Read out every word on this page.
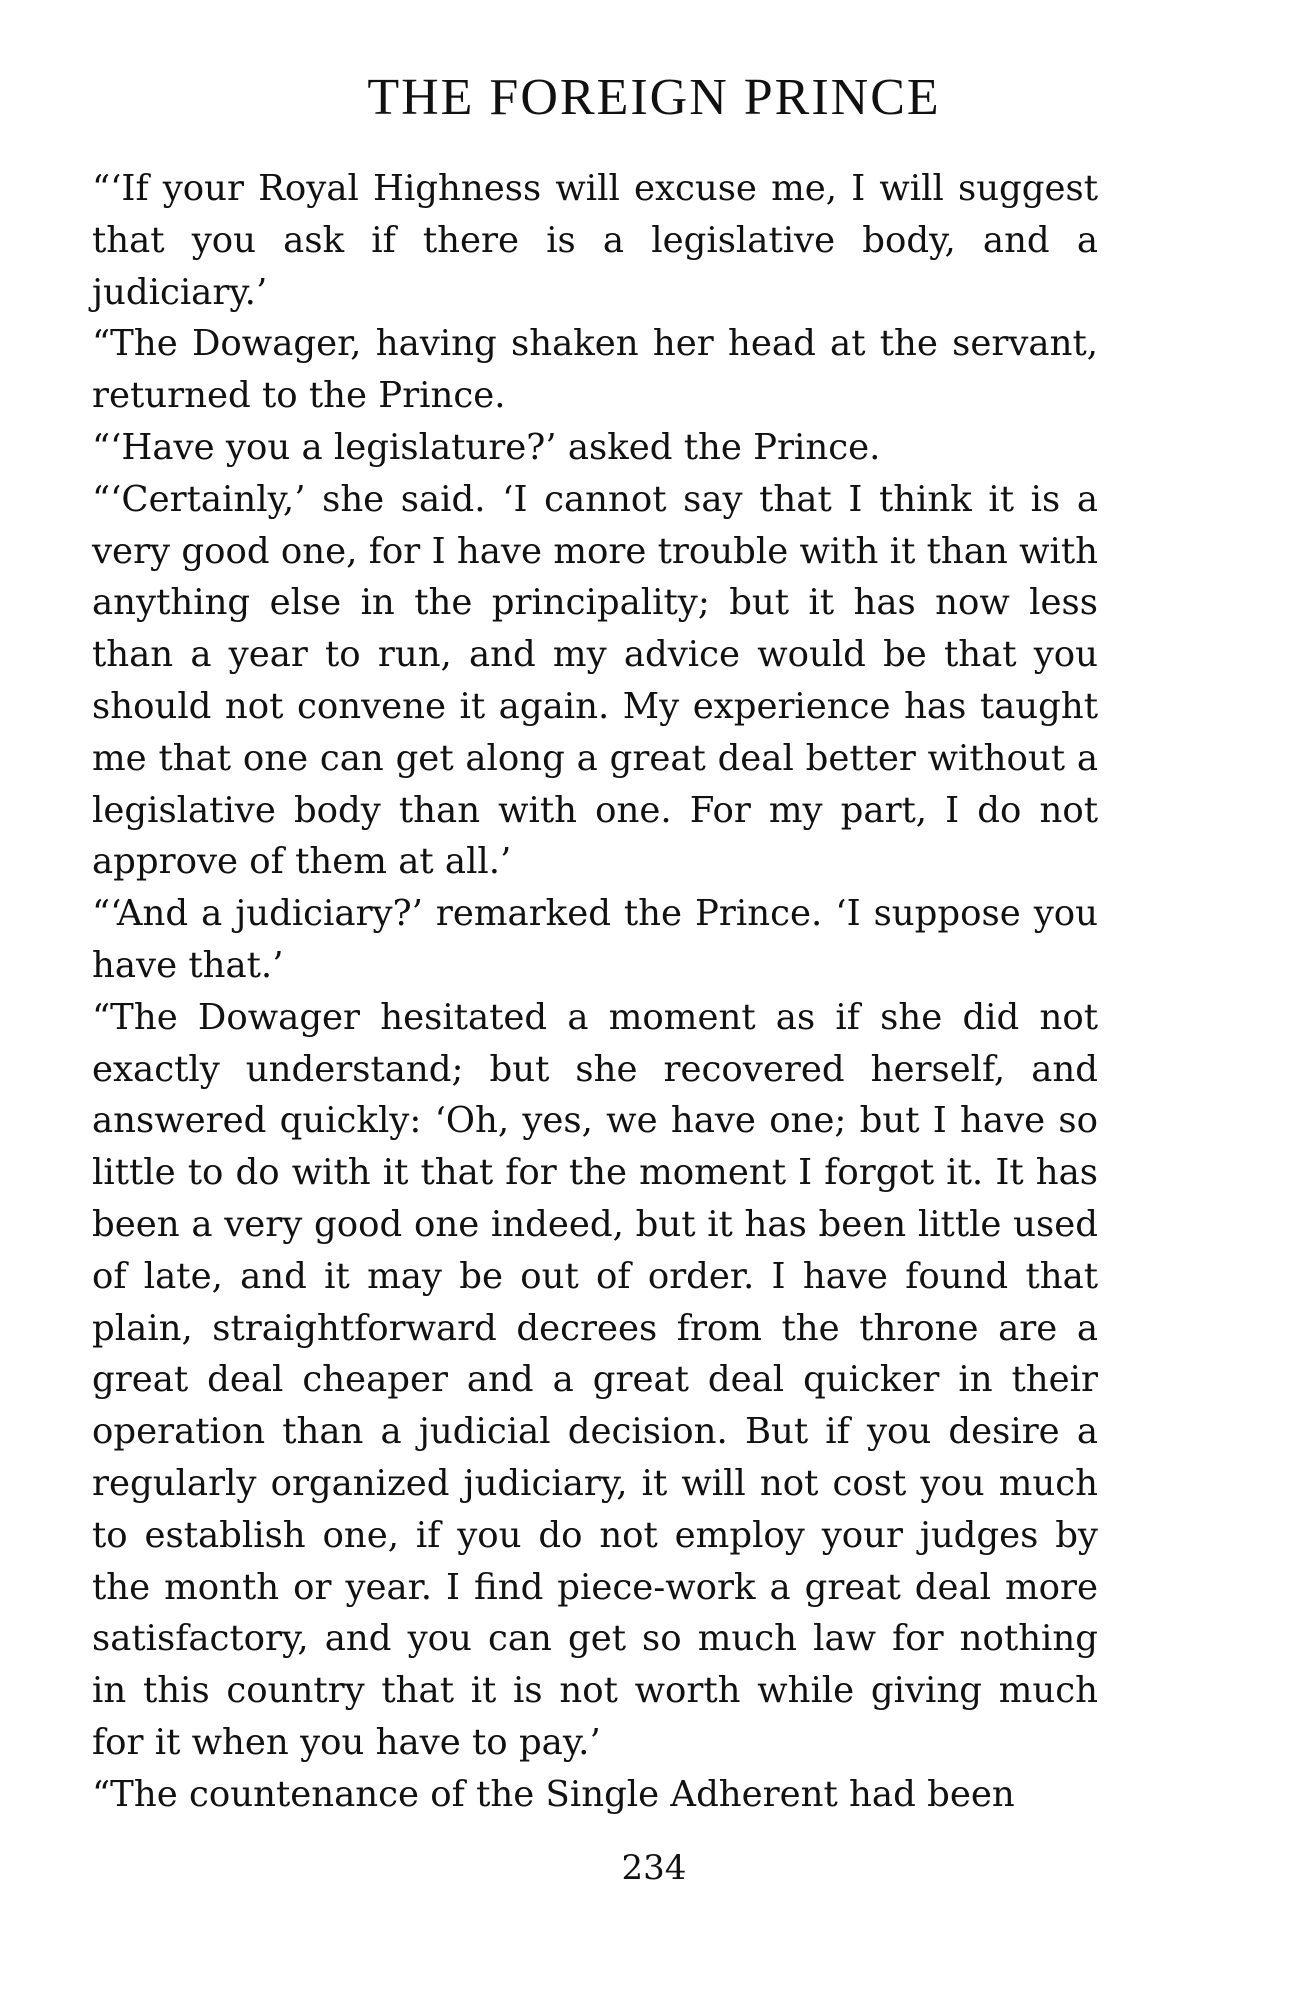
THE FOREIGN PRINCE

“‘If your Royal Highness will excuse me, I will suggest that you ask if there is a legislative body, and a judiciary.’

“The Dowager, having shaken her head at the servant, returned to the Prince.

“‘Have you a legislature?’ asked the Prince.

“‘Certainly,’ she said. ‘I cannot say that I think it is a very good one, for I have more trouble with it than with anything else in the principality; but it has now less than a year to run, and my advice would be that you should not convene it again. My experience has taught me that one can get along a great deal better without a legislative body than with one. For my part, I do not approve of them at all.’

“‘And a judiciary?’ remarked the Prince. ‘I suppose you have that.’

“The Dowager hesitated a moment as if she did not exactly understand; but she recovered herself, and answered quickly: ‘Oh, yes, we have one; but I have so little to do with it that for the moment I forgot it. It has been a very good one indeed, but it has been little used of late, and it may be out of order. I have found that plain, straightforward decrees from the throne are a great deal cheaper and a great deal quicker in their operation than a judicial decision. But if you desire a regularly organized judiciary, it will not cost you much to establish one, if you do not employ your judges by the month or year. I find piece-work a great deal more satisfactory, and you can get so much law for nothing in this country that it is not worth while giving much for it when you have to pay.’

“The countenance of the Single Adherent had been

234
